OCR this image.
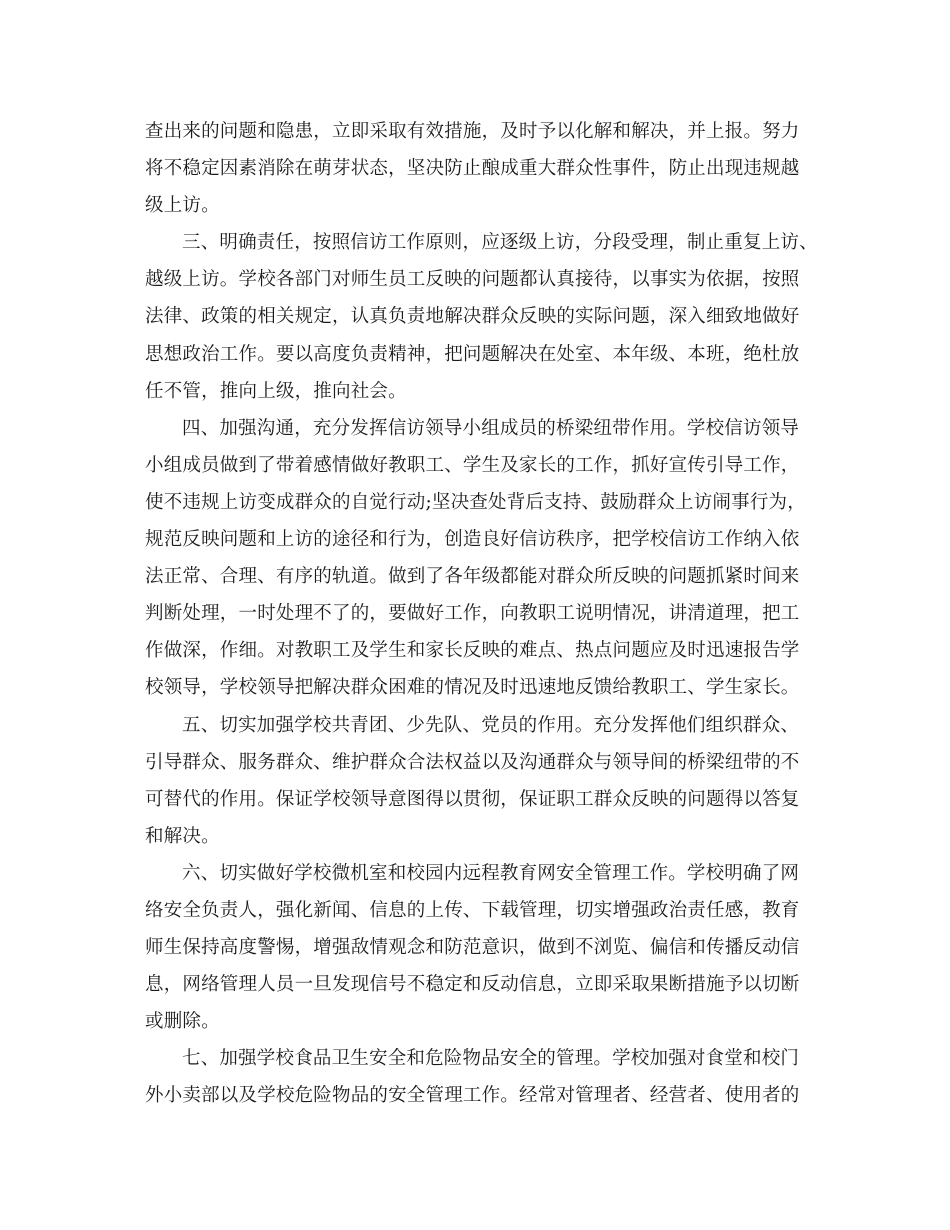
查出来的问题和隐患，立即采取有效措施，及时予以化解和解决，并上报。努力
将不稳定因素消除在萌芽状态，坚决防止酿成重大群众性事件，防止出现违规越
级上访。

三、明确责任，按照信访工作原则，应逐级上访，分段受理，制止重复上访、
越级上访。学校各部门对师生员工反映的问题都认真接待，以事实为依据，按照
法律、政策的相关规定，认真负责地解决群众反映的实际问题，深入细致地做好
思想政治工作。要以高度负责精神，把问题解决在处室、本年级、本班，绝杜放
任不管，推向上级，推向社会。

四、加强沟通，充分发挥信访领导小组成员的桥梁纽带作用。学校信访领导
小组成员做到了带着感情做好教职工、学生及家长的工作，抓好宣传引导工作，
使不违规上访变成群众的自觉行动;坚决查处背后支持、鼓励群众上访闹事行为，
规范反映问题和上访的途径和行为，创造良好信访秩序，把学校信访工作纳入依
法正常、合理、有序的轨道。做到了各年级都能对群众所反映的问题抓紧时间来
判断处理，一时处理不了的，要做好工作，向教职工说明情况，讲清道理，把工
作做深，作细。对教职工及学生和家长反映的难点、热点问题应及时迅速报告学
校领导，学校领导把解决群众困难的情况及时迅速地反馈给教职工、学生家长。

五、切实加强学校共青团、少先队、党员的作用。充分发挥他们组织群众、
引导群众、服务群众、维护群众合法权益以及沟通群众与领导间的桥梁纽带的不
可替代的作用。保证学校领导意图得以贯彻，保证职工群众反映的问题得以答复
和解决。

六、切实做好学校微机室和校园内远程教育网安全管理工作。学校明确了网
络安全负责人，强化新闻、信息的上传、下载管理，切实增强政治责任感，教育
师生保持高度警惕，增强敌情观念和防范意识，做到不浏览、偏信和传播反动信
息，网络管理人员一旦发现信号不稳定和反动信息，立即采取果断措施予以切断
或删除。

七、加强学校食品卫生安全和危险物品安全的管理。学校加强对食堂和校门
外小卖部以及学校危险物品的安全管理工作。经常对管理者、经营者、使用者的
